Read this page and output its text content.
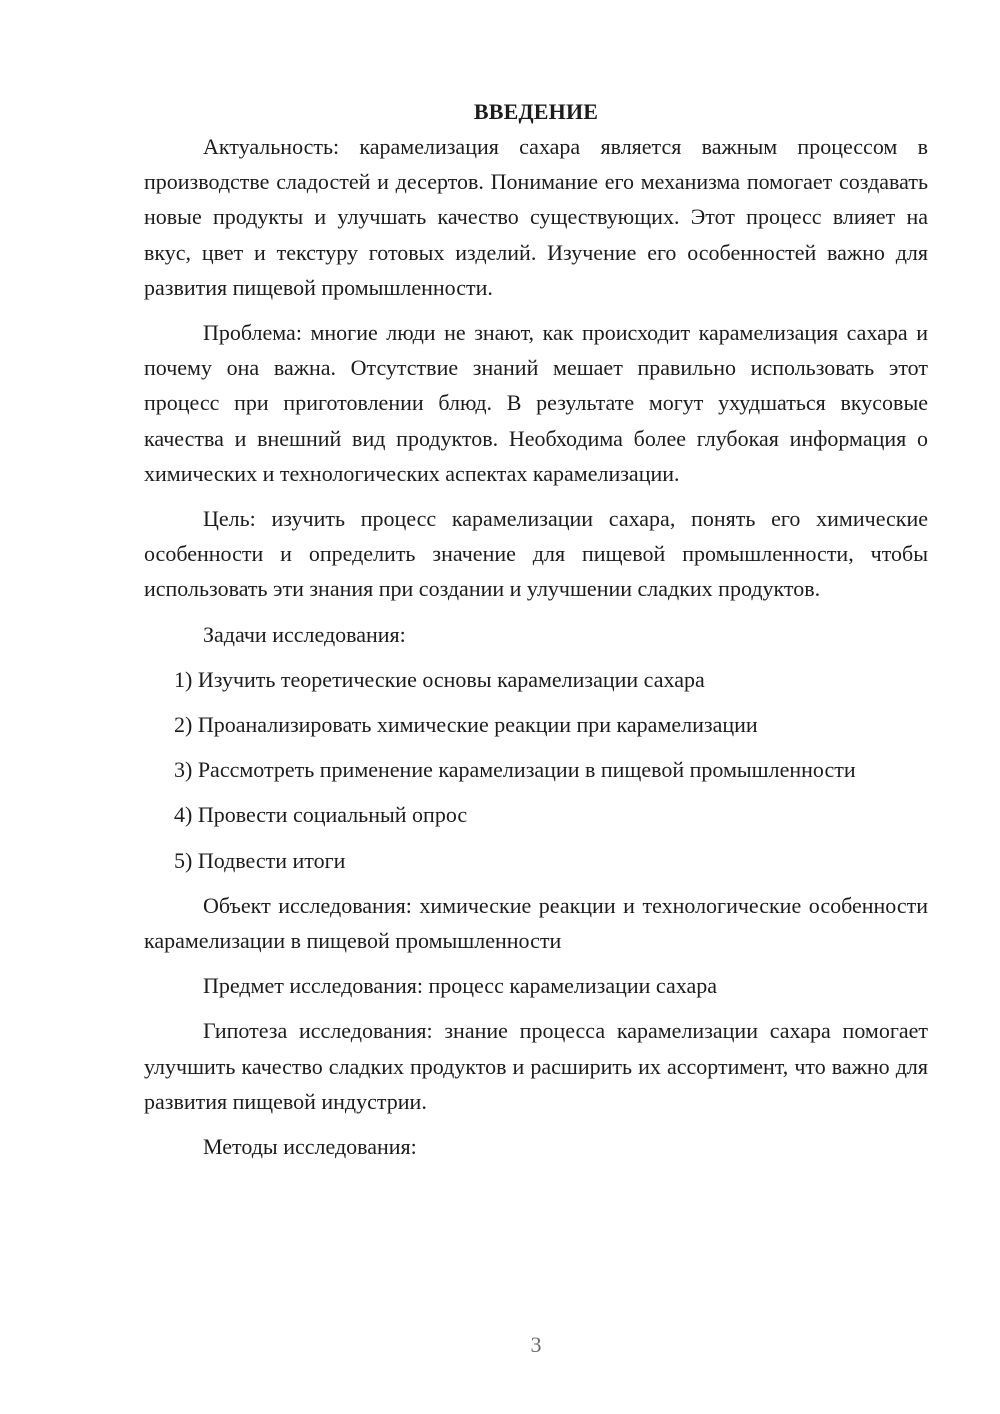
ВВЕДЕНИЕ

Актуальность: карамелизация сахара является важным процессом в производстве сладостей и десертов. Понимание его механизма помогает создавать новые продукты и улучшать качество существующих. Этот процесс влияет на вкус, цвет и текстуру готовых изделий. Изучение его особенностей важно для развития пищевой промышленности.

Проблема: многие люди не знают, как происходит карамелизация сахара и почему она важна. Отсутствие знаний мешает правильно использовать этот процесс при приготовлении блюд. В результате могут ухудшаться вкусовые качества и внешний вид продуктов. Необходима более глубокая информация о химических и технологических аспектах карамелизации.

Цель: изучить процесс карамелизации сахара, понять его химические особенности и определить значение для пищевой промышленности, чтобы использовать эти знания при создании и улучшении сладких продуктов.

Задачи исследования:

1) Изучить теоретические основы карамелизации сахара

2) Проанализировать химические реакции при карамелизации

3) Рассмотреть применение карамелизации в пищевой промышленности

4) Провести социальный опрос

5) Подвести итоги

Объект исследования: химические реакции и технологические особенности карамелизации в пищевой промышленности

Предмет исследования: процесс карамелизации сахара

Гипотеза исследования: знание процесса карамелизации сахара помогает улучшить качество сладких продуктов и расширить их ассортимент, что важно для развития пищевой индустрии.

Методы исследования:

3
